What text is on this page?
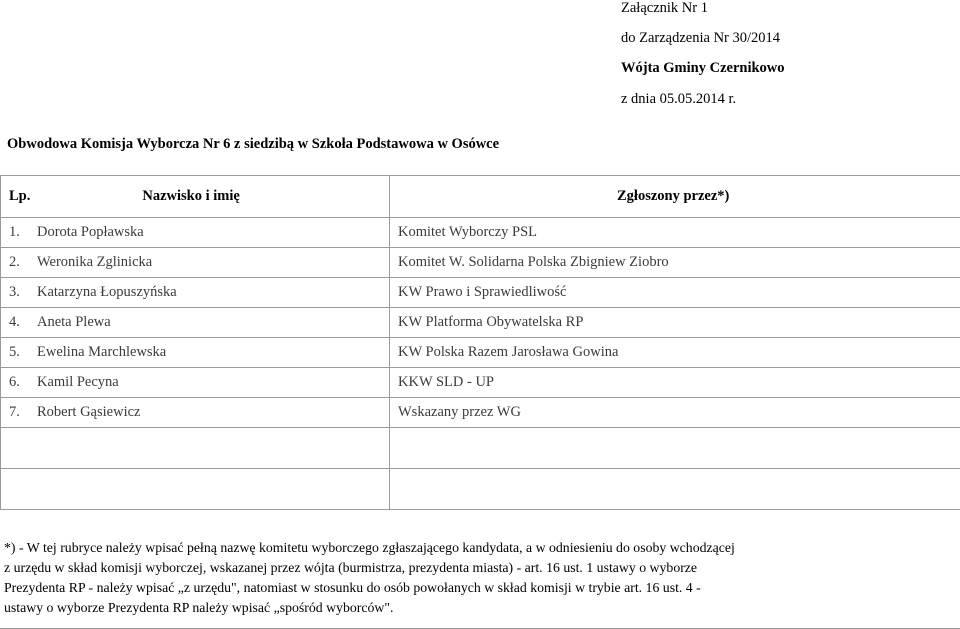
Załącznik Nr 1
do Zarządzenia Nr 30/2014
Wójta Gminy Czernikowo
z dnia 05.05.2014 r.
Obwodowa Komisja Wyborcza Nr 6 z siedzibą w Szkoła Podstawowa w Osówce
Lp. Nazwisko i imię	Zgłoszony przez*)
1. Dorota Popławska	Komitet Wyborczy PSL
2. Weronika Zglinicka	Komitet W. Solidarna Polska Zbigniew Ziobro
3. Katarzyna Łopuszyńska	KW Prawo i Sprawiedliwość
4. Aneta Plewa	KW Platforma Obywatelska RP
5. Ewelina Marchlewska	KW Polska Razem Jarosława Gowina
6. Kamil Pecyna	KKW SLD - UP
7. Robert Gąsiewicz	Wskazany przez WG

*) - W tej rubryce należy wpisać pełną nazwę komitetu wyborczego zgłaszającego kandydata, a w odniesieniu do osoby wchodzącej
z urzędu w skład komisji wyborczej, wskazanej przez wójta (burmistrza, prezydenta miasta) - art. 16 ust. 1 ustawy o wyborze
Prezydenta RP - należy wpisać „z urzędu", natomiast w stosunku do osób powołanych w skład komisji w trybie art. 16 ust. 4 -
ustawy o wyborze Prezydenta RP należy wpisać „spośród wyborców".
